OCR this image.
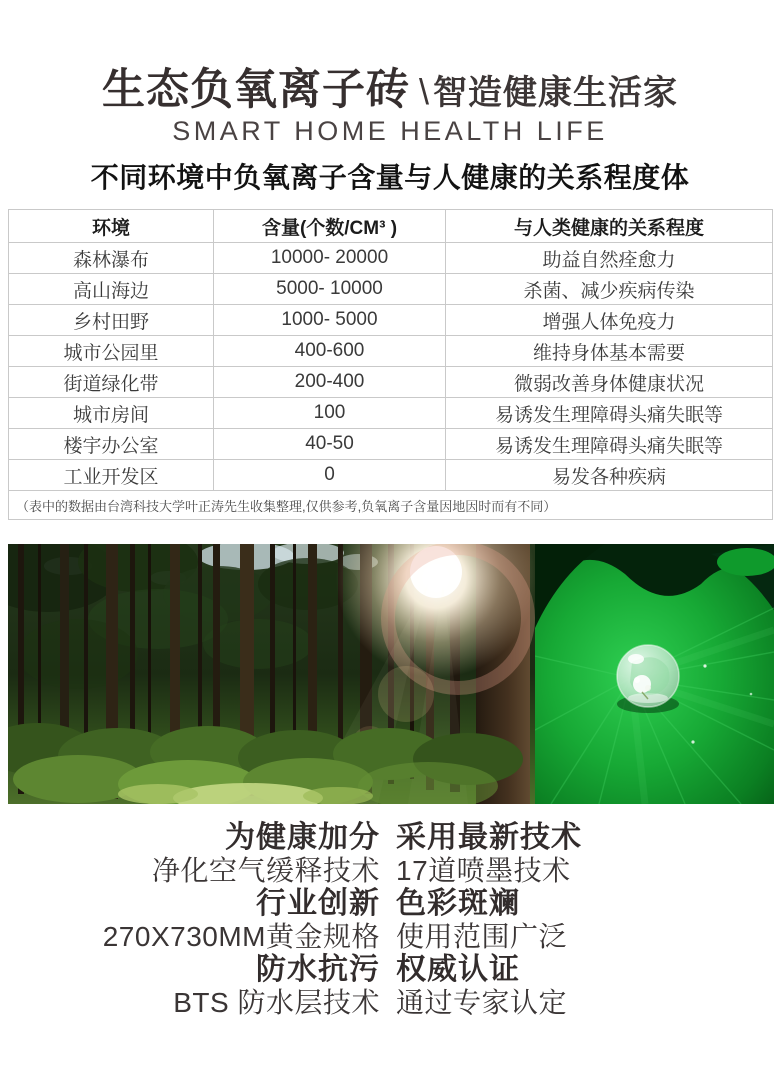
生态负氧离子砖 \ 智造健康生活家
SMART HOME HEALTH LIFE
不同环境中负氧离子含量与人健康的关系程度体
环境	含量(个数/CM³ )	与人类健康的关系程度
森林瀑布	10000- 20000	助益自然痊愈力
高山海边	5000- 10000	杀菌、减少疾病传染
乡村田野	1000- 5000	增强人体免疫力
城市公园里	400-600	维持身体基本需要
街道绿化带	200-400	微弱改善身体健康状况
城市房间	100	易诱发生理障碍头痛失眠等
楼宇办公室	40-50	易诱发生理障碍头痛失眠等
工业开发区	0	易发各种疾病
（表中的数据由台湾科技大学叶正涛先生收集整理,仅供参考,负氧离子含量因地因时而有不同）		
为健康加分 采用最新技术
净化空气缓释技术 17道喷墨技术
行业创新 色彩斑斓
270X730MM黄金规格 使用范围广泛
防水抗污 权威认证
BTS 防水层技术 通过专家认定
